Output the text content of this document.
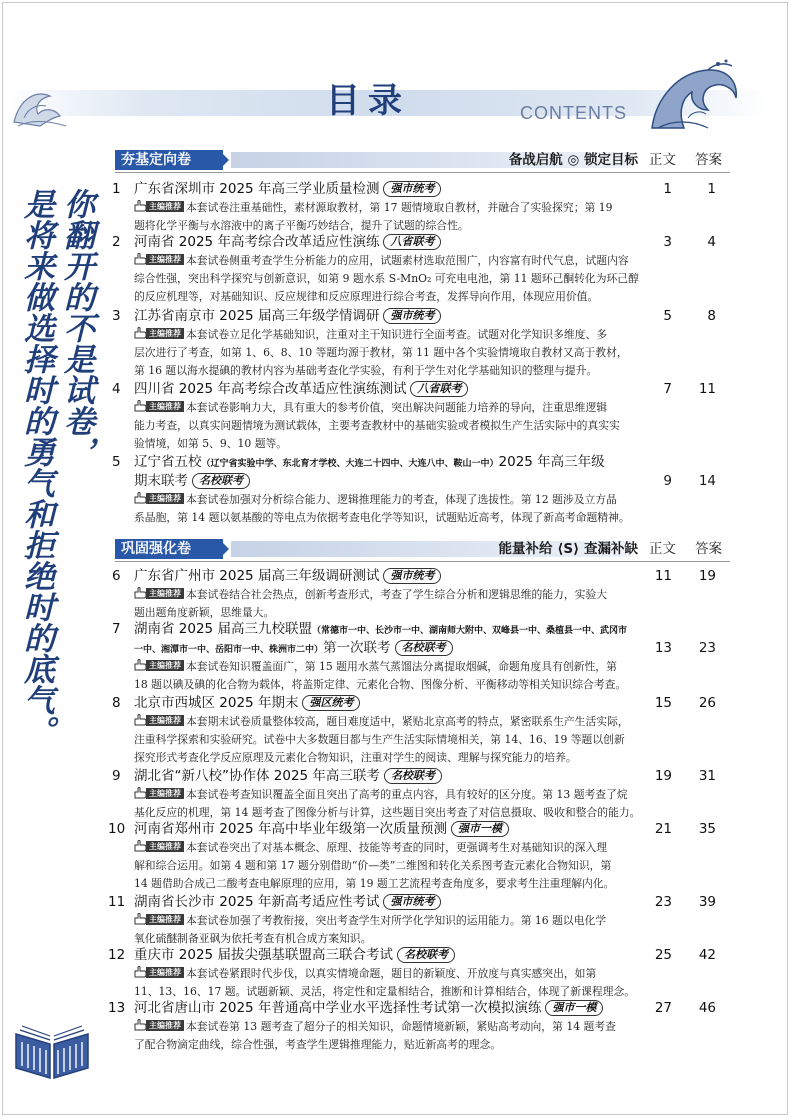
目录	CONTENTS
你翻开的不是试卷，
是将来做选择时的勇气和拒绝时的底气。
夯基定向卷	备战启航 ◎ 锁定目标 正文	答案
巩固强化卷	能量补给 ⟨S⟩ 查漏补缺 正文	答案
1 广东省深圳市 2025 年高三学业质量检测 强市统考	1	1
主编推荐 本套试卷注重基础性，素材源取教材，第 17 题情境取自教材，并融合了实验探究；第 19
题将化学平衡与水溶液中的离子平衡巧妙结合，提升了试题的综合性。
2 河南省 2025 年高考综合改革适应性演练 八省联考	3	4
主编推荐 本套试卷侧重考查学生分析能力的应用，试题素材选取范围广，内容富有时代气息，试题内容
综合性强，突出科学探究与创新意识，如第 9 题水系 S-MnO₂ 可充电电池，第 11 题环己酮转化为环己醇
的反应机理等，对基础知识、反应规律和反应原理进行综合考查，发挥导向作用，体现应用价值。
3 江苏省南京市 2025 届高三年级学情调研 强市统考	5	8
主编推荐 本套试卷立足化学基础知识，注重对主干知识进行全面考查。试题对化学知识多维度、多
层次进行了考查，如第 1、6、8、10 等题均源于教材，第 11 题中各个实验情境取自教材又高于教材，
第 16 题以海水提碘的教材内容为基础考查化学实验，有利于学生对化学基础知识的整理与提升。
4 四川省 2025 年高考综合改革适应性演练测试 八省联考	7	11
主编推荐 本套试卷影响力大，具有重大的参考价值，突出解决问题能力培养的导向，注重思维逻辑
能力考查，以真实问题情境为测试载体，主要考查教材中的基础实验或者模拟生产生活实际中的真实实
验情境，如第 5、9、10 题等。
5 辽宁省五校（辽宁省实验中学、东北育才学校、大连二十四中、大连八中、鞍山一中）2025 年高三年级
期末联考 名校联考	9	14
主编推荐 本套试卷加强对分析综合能力、逻辑推理能力的考查，体现了选拔性。第 12 题涉及立方晶
系晶胞，第 14 题以氨基酸的等电点为依据考查电化学等知识，试题贴近高考，体现了新高考命题精神。
6 广东省广州市 2025 届高三年级调研测试 强市统考	11	19
主编推荐 本套试卷结合社会热点，创新考查形式，考查了学生综合分析和逻辑思维的能力，实验大
题出题角度新颖，思维量大。
7 湖南省 2025 届高三九校联盟（常德市一中、长沙市一中、湖南师大附中、双峰县一中、桑植县一中、武冈市
一中、湘潭市一中、岳阳市一中、株洲市二中）第一次联考 名校联考	13	23
主编推荐 本套试卷知识覆盖面广，第 15 题用水蒸气蒸馏法分离提取烟碱，命题角度具有创新性，第
18 题以碘及碘的化合物为载体，将盖斯定律、元素化合物、图像分析、平衡移动等相关知识综合考查。
8 北京市西城区 2025 年期末 强区统考	15	26
主编推荐 本套期末试卷质量整体较高，题目难度适中，紧贴北京高考的特点，紧密联系生产生活实际，
注重科学探索和实验研究。试卷中大多数题目都与生产生活实际情境相关，第 14、16、19 等题以创新
探究形式考查化学反应原理及元素化合物知识，注重对学生的阅读、理解与探究能力的培养。
9 湖北省“新八校”协作体 2025 年高三联考 名校联考	19	31
主编推荐 本套试卷考查知识覆盖全面且突出了高考的重点内容，具有较好的区分度。第 13 题考查了烷
基化反应的机理，第 14 题考查了图像分析与计算，这些题目突出考查了对信息摄取、吸收和整合的能力。
10 河南省郑州市 2025 年高中毕业年级第一次质量预测 强市一模	21	35
主编推荐 本套试卷突出了对基本概念、原理、技能等考查的同时，更强调考生对基础知识的深入理
解和综合运用。如第 4 题和第 17 题分别借助“价—类”二维图和转化关系图考查元素化合物知识，第
14 题借助合成己二酸考查电解原理的应用，第 19 题工艺流程考查角度多，要求考生注重理解内化。
11 湖南省长沙市 2025 年新高考适应性考试 强市统考	23	39
主编推荐 本套试卷加强了考教衔接，突出考查学生对所学化学知识的运用能力。第 16 题以电化学
氧化硫醚制备亚砜为依托考查有机合成方案知识。
12 重庆市 2025 届拔尖强基联盟高三联合考试 名校联考	25	42
主编推荐 本套试卷紧跟时代步伐，以真实情境命题，题目的新颖度、开放度与真实感突出，如第
11、13、16、17 题。试题新颖、灵活，将定性和定量相结合，推断和计算相结合，体现了新课程理念。
13 河北省唐山市 2025 年普通高中学业水平选择性考试第一次模拟演练 强市一模	27	46
主编推荐 本套试卷第 13 题考查了超分子的相关知识，命题情境新颖，紧贴高考动向，第 14 题考查
了配合物滴定曲线，综合性强，考查学生逻辑推理能力，贴近新高考的理念。
